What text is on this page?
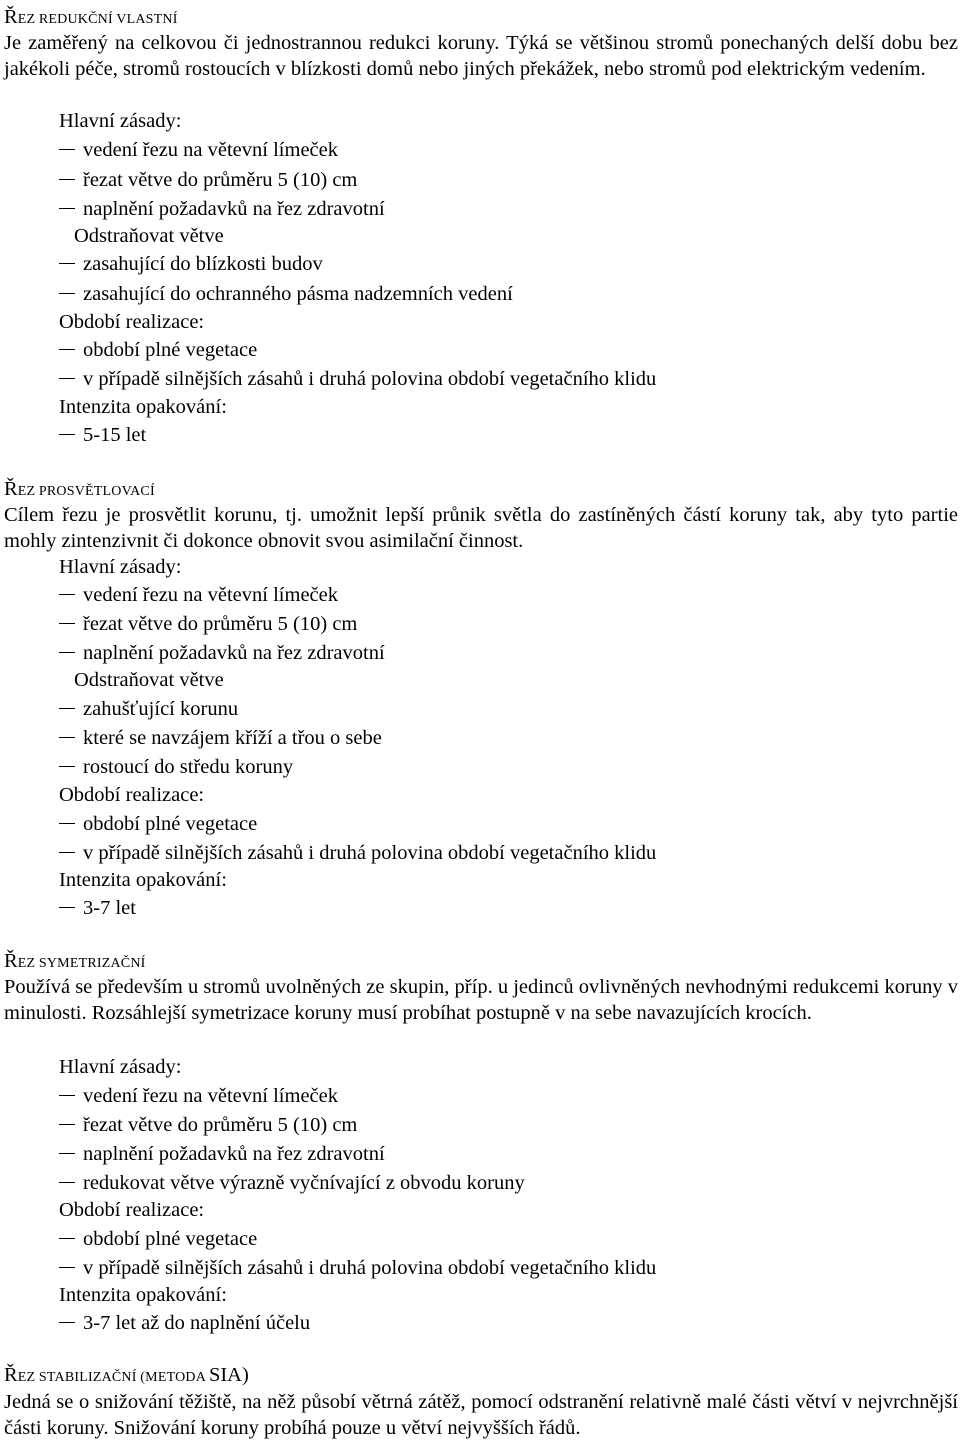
ŘEZ REDUKČNÍ VLASTNÍ

Je zaměřený na celkovou či jednostrannou redukci koruny. Týká se většinou stromů ponechaných delší dobu bez jakékoli péče, stromů rostoucích v blízkosti domů nebo jiných překážek, nebo stromů pod elektrickým vedením.

Hlavní zásady:
vedení řezu na větevní límeček
řezat větve do průměru 5 (10) cm
naplnění požadavků na řez zdravotní
Odstraňovat větve
zasahující do blízkosti budov
zasahující do ochranného pásma nadzemních vedení
Období realizace:
období plné vegetace
v případě silnějších zásahů i druhá polovina období vegetačního klidu
Intenzita opakování:
5-15 let
ŘEZ PROSVĚTLOVACÍ

Cílem řezu je prosvětlit korunu, tj. umožnit lepší průnik světla do zastíněných částí koruny tak, aby tyto partie mohly zintenzivnit či dokonce obnovit svou asimilační činnost.

Hlavní zásady:
vedení řezu na větevní límeček
řezat větve do průměru 5 (10) cm
naplnění požadavků na řez zdravotní
Odstraňovat větve
zahušťující korunu
které se navzájem kříží a třou o sebe
rostoucí do středu koruny
Období realizace:
období plné vegetace
v případě silnějších zásahů i druhá polovina období vegetačního klidu
Intenzita opakování:
3-7 let
ŘEZ SYMETRIZAČNÍ

Používá se především u stromů uvolněných ze skupin, příp. u jedinců ovlivněných nevhodnými redukcemi koruny v minulosti. Rozsáhlejší symetrizace koruny musí probíhat postupně v na sebe navazujících krocích.

Hlavní zásady:
vedení řezu na větevní límeček
řezat větve do průměru 5 (10) cm
naplnění požadavků na řez zdravotní
redukovat větve výrazně vyčnívající z obvodu koruny
Období realizace:
období plné vegetace
v případě silnějších zásahů i druhá polovina období vegetačního klidu
Intenzita opakování:
3-7 let až do naplnění účelu
ŘEZ STABILIZAČNÍ (METODA SIA)

Jedná se o snižování těžiště, na něž působí větrná zátěž, pomocí odstranění relativně malé části větví v nejvrchnější části koruny. Snižování koruny probíhá pouze u větví nejvyšších řádů.
